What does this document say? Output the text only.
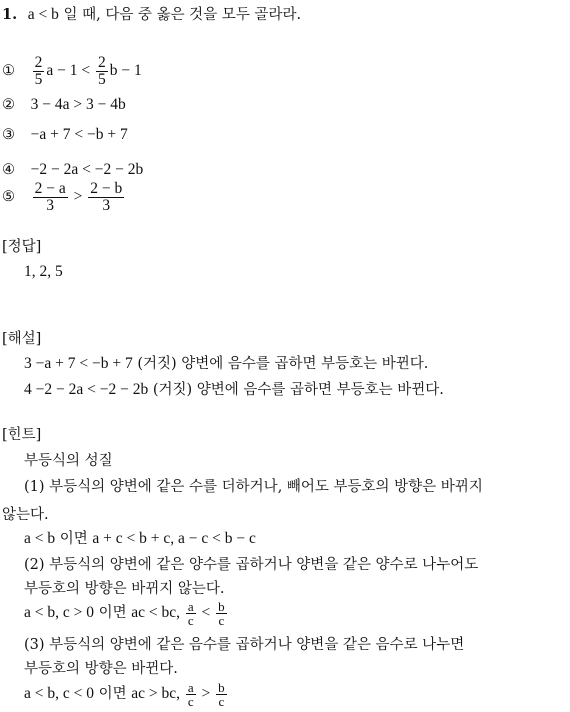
1. a < b 일 때, 다음 중 옳은 것을 모두 골라라.
① $\frac{2}{5}$ $a - 1 < \frac{2}{5}$ b − 1
② 3 − 4a > 3 − 4b
③ −a + 7 < −b + 7
④ −2 − 2a < −2 − 2b
⑤ $\frac{2 - a}{3} > \frac{2 - b}{3}$
[정답]
1, 2, 5
[해설]
3 −a + 7 < −b + 7 (거짓) 양변에 음수를 곱하면 부등호는 바뀐다.
4 −2 − 2a < −2 − 2b (거짓) 양변에 음수를 곱하면 부등호는 바뀐다.
[힌트]
부등식의 성질
(1) 부등식의 양변에 같은 수를 더하거나, 빼어도 부등호의 방향은 바뀌지
않는다.
a < b 이면 a + c < b + c, a − c < b − c
(2) 부등식의 양변에 같은 양수를 곱하거나 양변을 같은 양수로 나누어도
부등호의 방향은 바뀌지 않는다.
a < b, c > 0 이면 ac < bc, $\frac{a}{c} < \frac{b}{c}$
(3) 부등식의 양변에 같은 음수를 곱하거나 양변을 같은 음수로 나누면
부등호의 방향은 바뀐다.
a < b, c < 0 이면 ac > bc, $\frac{a}{c} > \frac{b}{c}$
